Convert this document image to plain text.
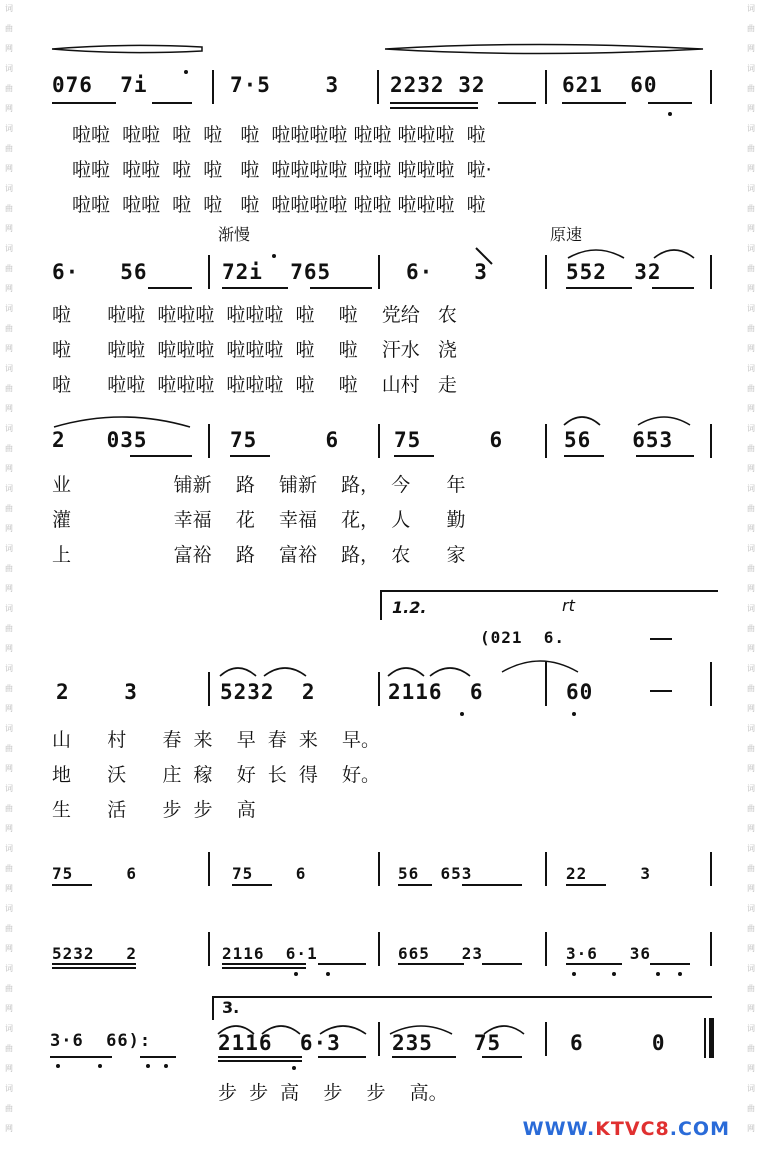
词
曲
网
词
曲
网
词
曲
网
词
曲
网
词
曲
网
词
曲
网
词
曲
网
词
曲
网
词
曲
网
词
曲
网
词
曲
网
词
曲
网
词
曲
网
词
曲
网
词
曲
网
词
曲
网
词
曲
网
词
曲
网
词
曲
网
词
曲
网
词
曲
网
词
曲
网
词
曲
网
词
曲
网
词
曲
网
词
曲
网
词
曲
网
词
曲
网
词
曲
网
词
曲
网
词
曲
网
词
曲
网
词
曲
网
词
曲
网
词
曲
网
词
曲
网
词
曲
网
词
曲
网
076  7i	7·5    3 2232 32	621  60
啦啦  啦啦  啦  啦   啦  啦啦啦啦 啦啦 啦啦啦  啦
啦啦  啦啦  啦  啦   啦  啦啦啦啦 啦啦 啦啦啦  啦·
啦啦  啦啦  啦  啦   啦  啦啦啦啦 啦啦 啦啦啦  啦
渐慢	原速
6·   56	72i  765	6·   3	552  32
啦      啦啦  啦啦啦  啦啦啦  啦    啦    党给   农
啦      啦啦  啦啦啦  啦啦啦  啦    啦    汗水   浇
啦      啦啦  啦啦啦  啦啦啦  啦    啦    山村   走
2   035	75     6	75     6	56   653
业                 铺新    路    铺新    路，  今      年
灌                 幸福    花    幸福    花，  人      勤
上                 富裕    路    富裕    路，  农      家
1.2.	rt
(021  6.
2    3	5232  2	2116  6	60
山      村      春  来    早  春  来    早。
地      沃      庄  稼    好  长  得    好。
生      活      步  步    高
75     6	75    6	56  653	22     3
5232   2	2116  6·1	665   23	3·6   36
3.
3·6  66):	2116  6·3 235   75	6     0
步  步  高    步    步    高。
WWW.KTVC8.COM
